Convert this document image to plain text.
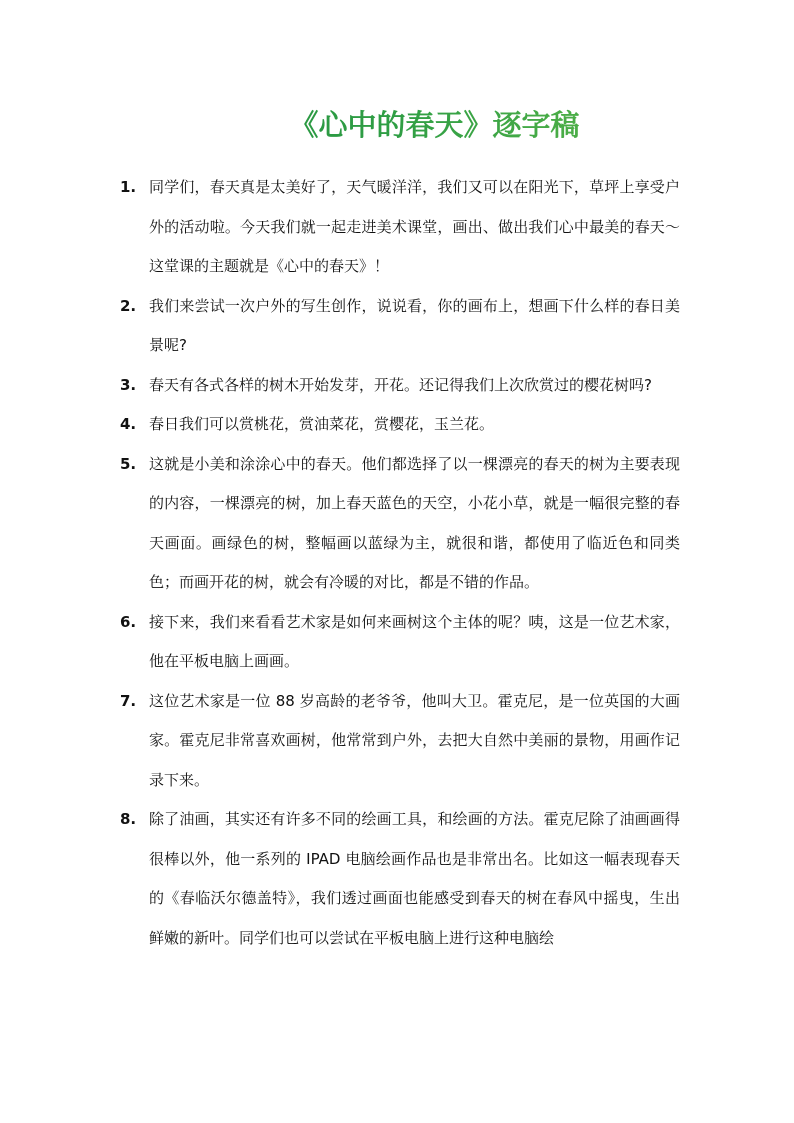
《心中的春天》逐字稿
1. 同学们，春天真是太美好了，天气暖洋洋，我们又可以在阳光下，草坪上享受户外的活动啦。今天我们就一起走进美术课堂，画出、做出我们心中最美的春天～ 这堂课的主题就是《心中的春天》！
2. 我们来尝试一次户外的写生创作，说说看，你的画布上，想画下什么样的春日美景呢?
3. 春天有各式各样的树木开始发芽，开花。还记得我们上次欣赏过的樱花树吗?
4. 春日我们可以赏桃花，赏油菜花，赏樱花，玉兰花。
5. 这就是小美和涂涂心中的春天。他们都选择了以一棵漂亮的春天的树为主要表现的内容，一棵漂亮的树，加上春天蓝色的天空，小花小草，就是一幅很完整的春天画面。画绿色的树，整幅画以蓝绿为主，就很和谐，都使用了临近色和同类色；而画开花的树，就会有冷暖的对比，都是不错的作品。
6. 接下来，我们来看看艺术家是如何来画树这个主体的呢？咦，这是一位艺术家，他在平板电脑上画画。
7. 这位艺术家是一位 88 岁高龄的老爷爷，他叫大卫。霍克尼，是一位英国的大画家。霍克尼非常喜欢画树，他常常到户外，去把大自然中美丽的景物，用画作记录下来。
8. 除了油画，其实还有许多不同的绘画工具，和绘画的方法。霍克尼除了油画画得很棒以外，他一系列的 IPAD 电脑绘画作品也是非常出名。比如这一幅表现春天的《春临沃尔德盖特》，我们透过画面也能感受到春天的树在春风中摇曳，生出鲜嫩的新叶。同学们也可以尝试在平板电脑上进行这种电脑绘
